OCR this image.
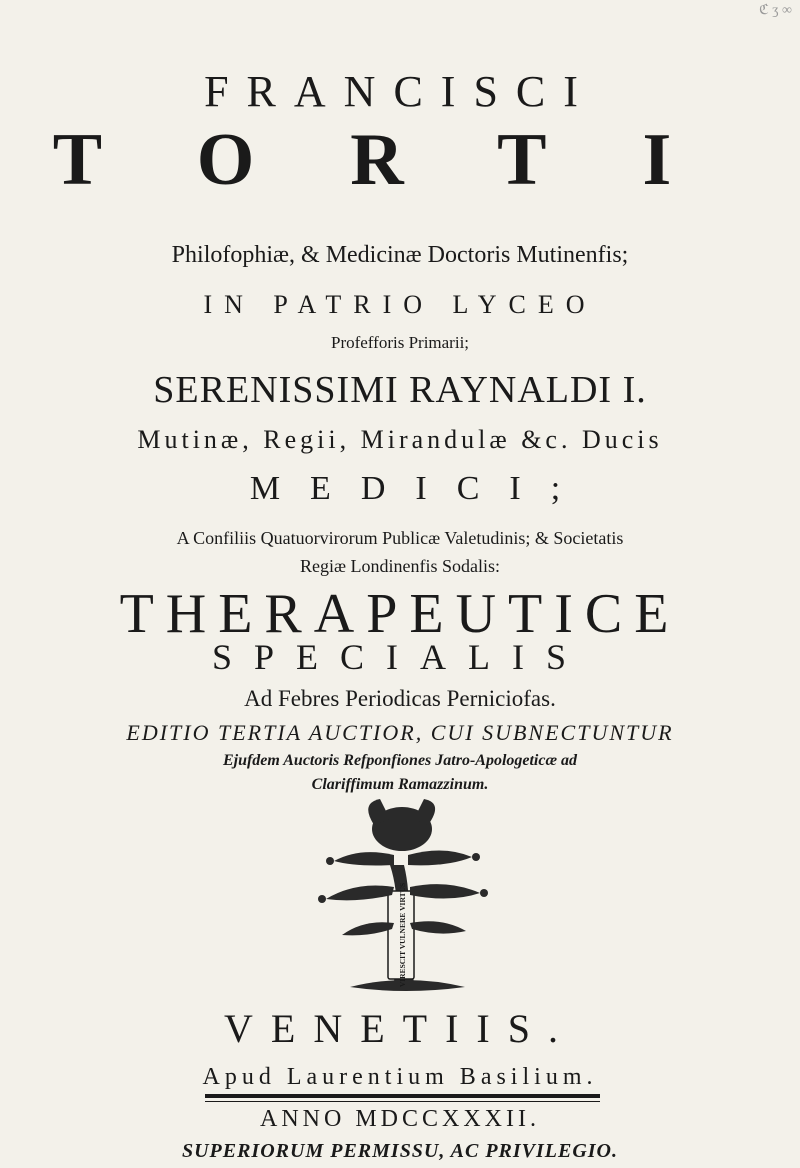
ℭ ʒ ∞
FRANCISCI
TORTI
Philofophiæ, & Medicinæ Doctoris Mutinenfis;
IN PATRIO LYCEO
Profefforis Primarii;
SERENISSIMI RAYNALDI I.
Mutinæ, Regii, Mirandulæ &c. Ducis
MEDICI;
A Confiliis Quatuorvirorum Publicæ Valetudinis; & Societatis
Regiæ Londinenfis Sodalis:
THERAPEUTICE
SPECIALIS
Ad Febres Periodicas Perniciofas.
EDITIO TERTIA AUCTIOR, CUI SUBNECTUNTUR
Ejufdem Auctoris Refponfiones Jatro-Apologeticæ ad
Clariffimum Ramazzinum.
VIRESCIT VULNERE VIRTUS
VENETIIS.
Apud Laurentium Basilium.
ANNO MDCCXXXII.
SUPERIORUM PERMISSU, AC PRIVILEGIO.
